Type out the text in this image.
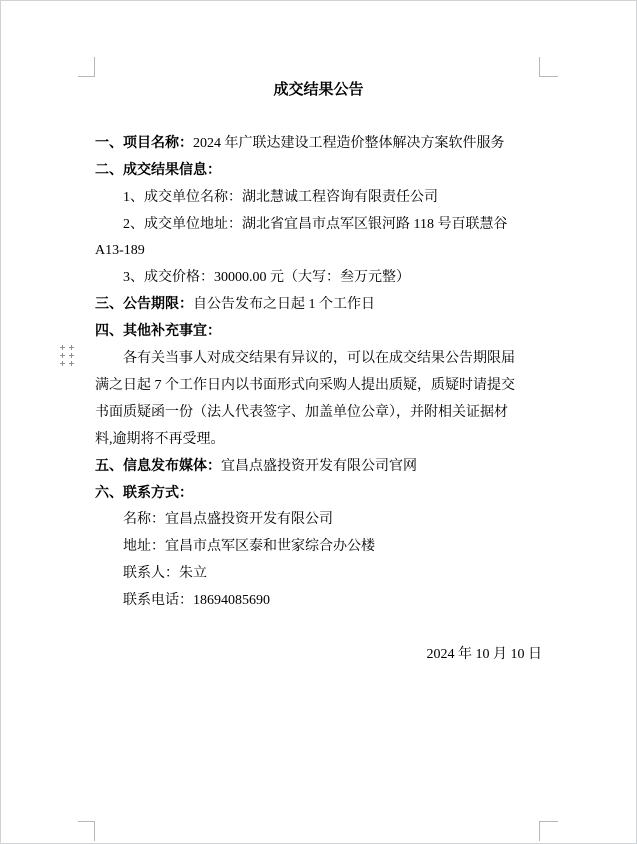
成交结果公告

一、项目名称：2024 年广联达建设工程造价整体解决方案软件服务

二、成交结果信息：

1、成交单位名称：湖北慧诚工程咨询有限责任公司

2、成交单位地址：湖北省宜昌市点军区银河路 118 号百联慧谷

A13-189

3、成交价格：30000.00 元（大写：叁万元整）

三、公告期限：自公告发布之日起 1 个工作日

四、其他补充事宜：

各有关当事人对成交结果有异议的，可以在成交结果公告期限届

满之日起 7 个工作日内以书面形式向采购人提出质疑，质疑时请提交

书面质疑函一份（法人代表签字、加盖单位公章），并附相关证据材

料,逾期将不再受理。

五、信息发布媒体：宜昌点盛投资开发有限公司官网

六、联系方式：

名称：宜昌点盛投资开发有限公司

地址：宜昌市点军区泰和世家综合办公楼

联系人：朱立

联系电话：18694085690

2024 年 10 月 10 日
